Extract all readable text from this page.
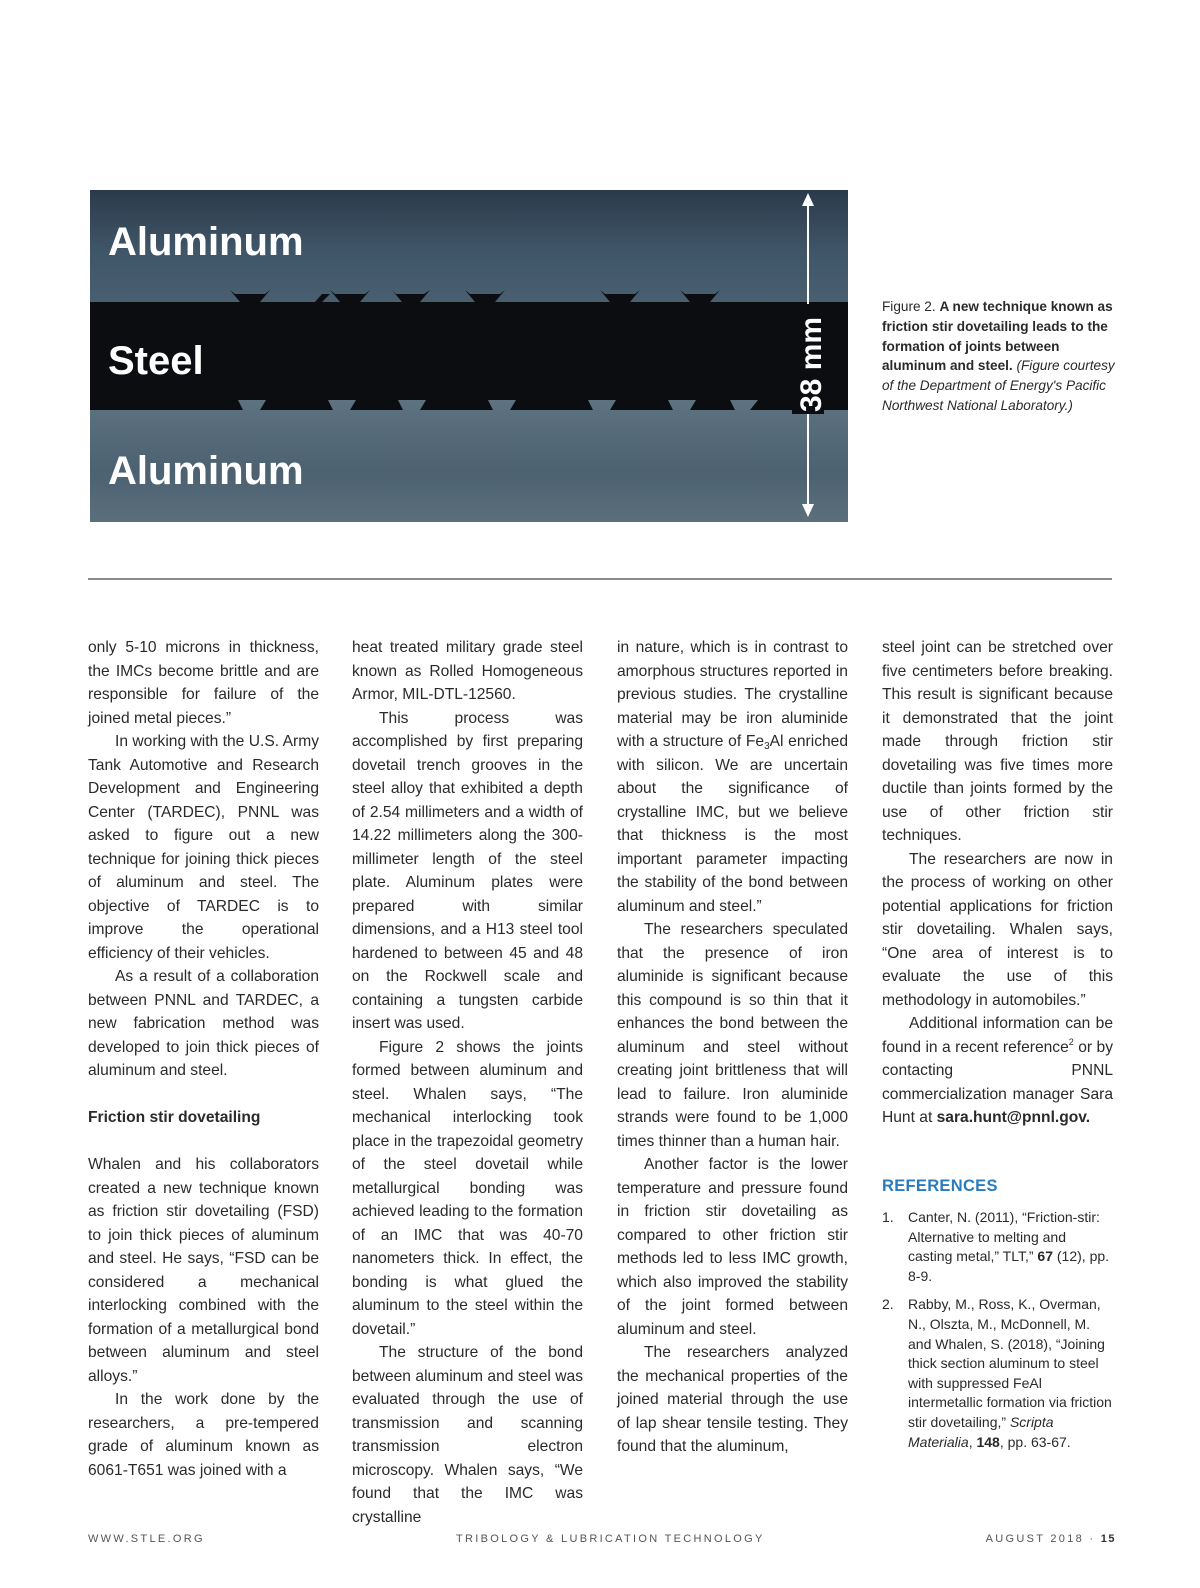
38 mm
Aluminum
Steel
Aluminum
Figure 2. A new technique known as friction stir dovetailing leads to the formation of joints between aluminum and steel. (Figure courtesy of the Department of Energy's Pacific Northwest National Laboratory.)

only 5-10 microns in thickness, the IMCs become brittle and are responsible for failure of the joined metal pieces.”

In working with the U.S. Army Tank Automotive and Research Development and Engineering Center (TARDEC), PNNL was asked to figure out a new technique for joining thick pieces of aluminum and steel. The objective of TARDEC is to improve the operational efficiency of their vehicles.

As a result of a collaboration between PNNL and TARDEC, a new fabrication method was developed to join thick pieces of aluminum and steel.

Friction stir dovetailing

Whalen and his collaborators created a new technique known as friction stir dovetailing (FSD) to join thick pieces of aluminum and steel. He says, “FSD can be considered a mechanical interlocking combined with the formation of a metallurgical bond between aluminum and steel alloys.”

In the work done by the researchers, a pre-tempered grade of aluminum known as 6061-T651 was joined with a

heat treated military grade steel known as Rolled Homogeneous Armor, MIL-DTL-12560.

This process was accomplished by first preparing dovetail trench grooves in the steel alloy that exhibited a depth of 2.54 millimeters and a width of 14.22 millimeters along the 300-millimeter length of the steel plate. Aluminum plates were prepared with similar dimensions, and a H13 steel tool hardened to between 45 and 48 on the Rockwell scale and containing a tungsten carbide insert was used.

Figure 2 shows the joints formed between aluminum and steel. Whalen says, “The mechanical interlocking took place in the trapezoidal geometry of the steel dovetail while metallurgical bonding was achieved leading to the formation of an IMC that was 40-70 nanometers thick. In effect, the bonding is what glued the aluminum to the steel within the dovetail.”

The structure of the bond between aluminum and steel was evaluated through the use of transmission and scanning transmission electron microscopy. Whalen says, “We found that the IMC was crystalline

in nature, which is in contrast to amorphous structures reported in previous studies. The crystalline material may be iron aluminide with a structure of $Fe_3Al$ enriched with silicon. We are uncertain about the significance of crystalline IMC, but we believe that thickness is the most important parameter impacting the stability of the bond between aluminum and steel.”

The researchers speculated that the presence of iron aluminide is significant because this compound is so thin that it enhances the bond between the aluminum and steel without creating joint brittleness that will lead to failure. Iron aluminide strands were found to be 1,000 times thinner than a human hair.

Another factor is the lower temperature and pressure found in friction stir dovetailing as compared to other friction stir methods led to less IMC growth, which also improved the stability of the joint formed between aluminum and steel.

The researchers analyzed the mechanical properties of the joined material through the use of lap shear tensile testing. They found that the aluminum,

steel joint can be stretched over five centimeters before breaking. This result is significant because it demonstrated that the joint made through friction stir dovetailing was five times more ductile than joints formed by the use of other friction stir techniques.

The researchers are now in the process of working on other potential applications for friction stir dovetailing. Whalen says, “One area of interest is to evaluate the use of this methodology in automobiles.”

Additional information can be found in a recent reference$^2$ or by contacting PNNL commercialization manager Sara Hunt at sara.hunt@pnnl.gov.

REFERENCES
1. Canter, N. (2011), “Friction-stir: Alternative to melting and casting metal,” TLT,” 67 (12), pp. 8-9.
2. Rabby, M., Ross, K., Overman, N., Olszta, M., McDonnell, M. and Whalen, S. (2018), “Joining thick section aluminum to steel with suppressed FeAl intermetallic formation via friction stir dovetailing,” Scripta Materialia, 148, pp. 63-67.
WWW.STLE.ORG	TRIBOLOGY & LUBRICATION TECHNOLOGY	AUGUST 2018 · 15
